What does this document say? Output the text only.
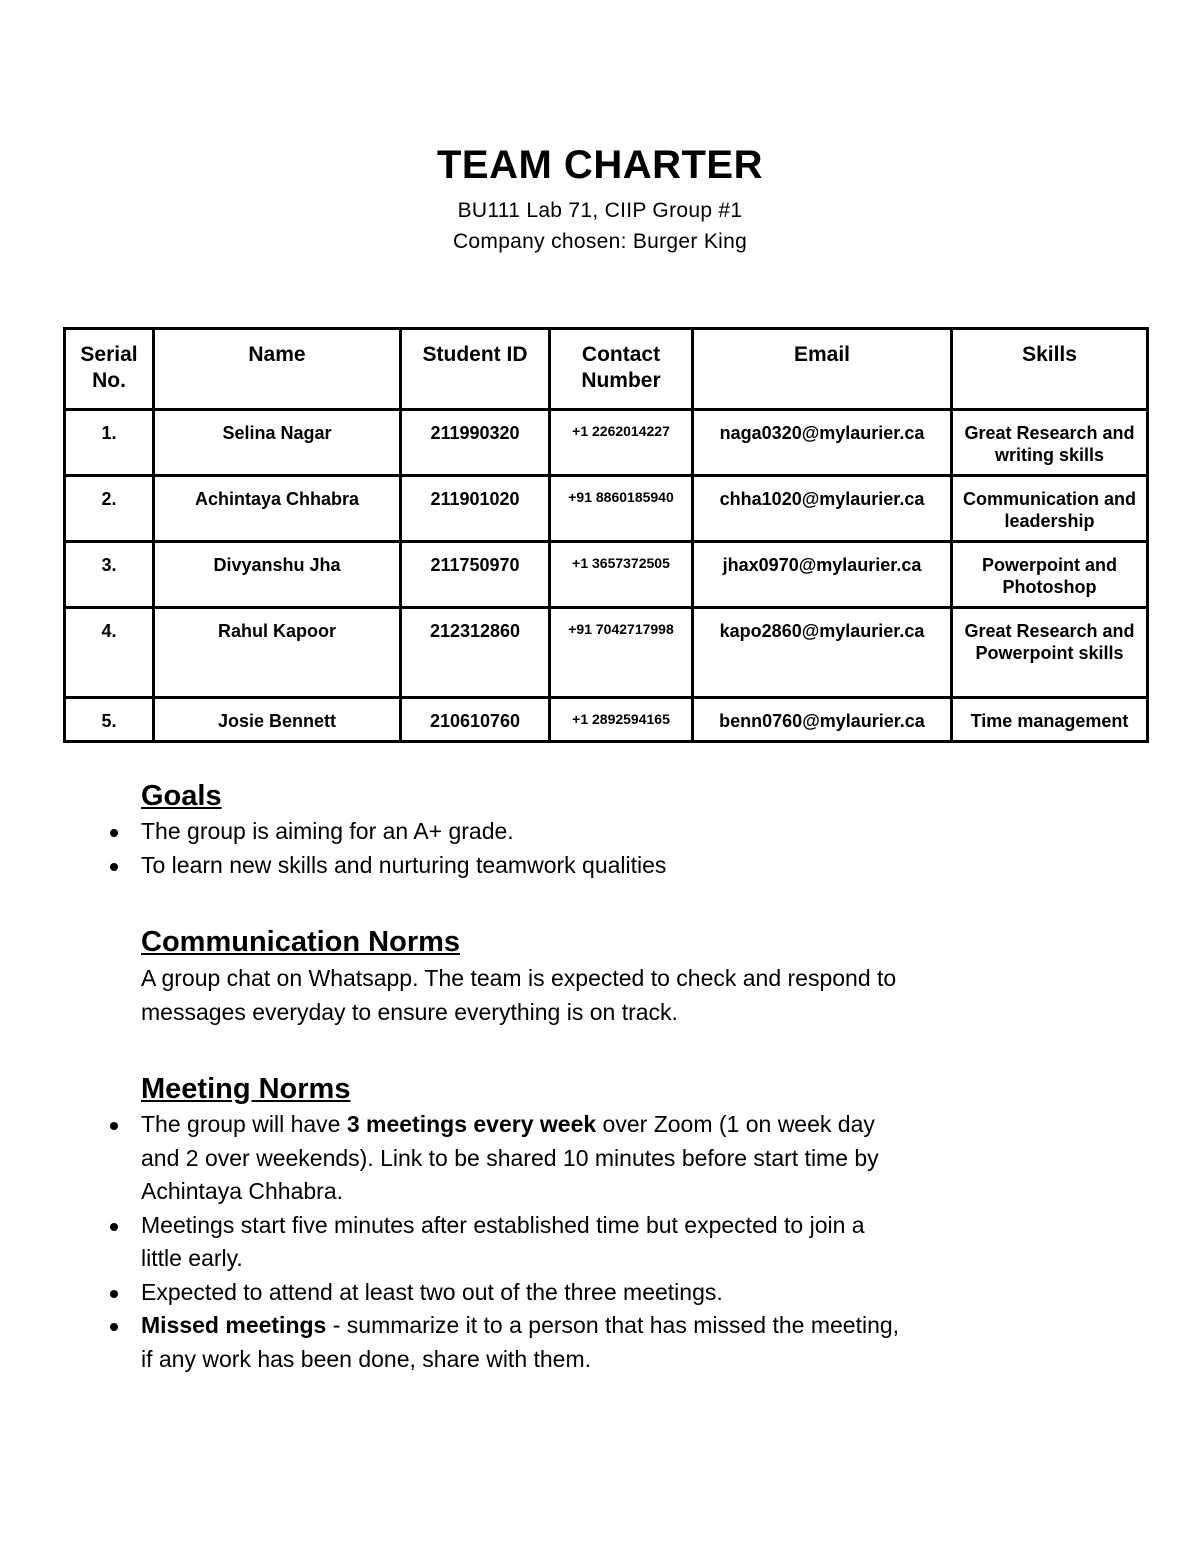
TEAM CHARTER
BU111 Lab 71, CIIP Group #1
Company chosen: Burger King
Serial No.	Name	Student ID	Contact Number	Email	Skills
1.	Selina Nagar	211990320	+1 2262014227	naga0320@mylaurier.ca	Great Research and writing skills
2.	Achintaya Chhabra	211901020	+91 8860185940	chha1020@mylaurier.ca	Communication and leadership
3.	Divyanshu Jha	211750970	+1 3657372505	jhax0970@mylaurier.ca	Powerpoint and Photoshop
4.	Rahul Kapoor	212312860	+91 7042717998	kapo2860@mylaurier.ca	Great Research and Powerpoint skills
5.	Josie Bennett	210610760	+1 2892594165	benn0760@mylaurier.ca	Time management
Goals
The group is aiming for an A+ grade.
To learn new skills and nurturing teamwork qualities
Communication Norms

A group chat on Whatsapp. The team is expected to check and respond to
messages everyday to ensure everything is on track.

Meeting Norms
The group will have 3 meetings every week over Zoom (1 on week day
and 2 over weekends). Link to be shared 10 minutes before start time by
Achintaya Chhabra.
Meetings start five minutes after established time but expected to join a
little early.
Expected to attend at least two out of the three meetings.
Missed meetings - summarize it to a person that has missed the meeting,
if any work has been done, share with them.
